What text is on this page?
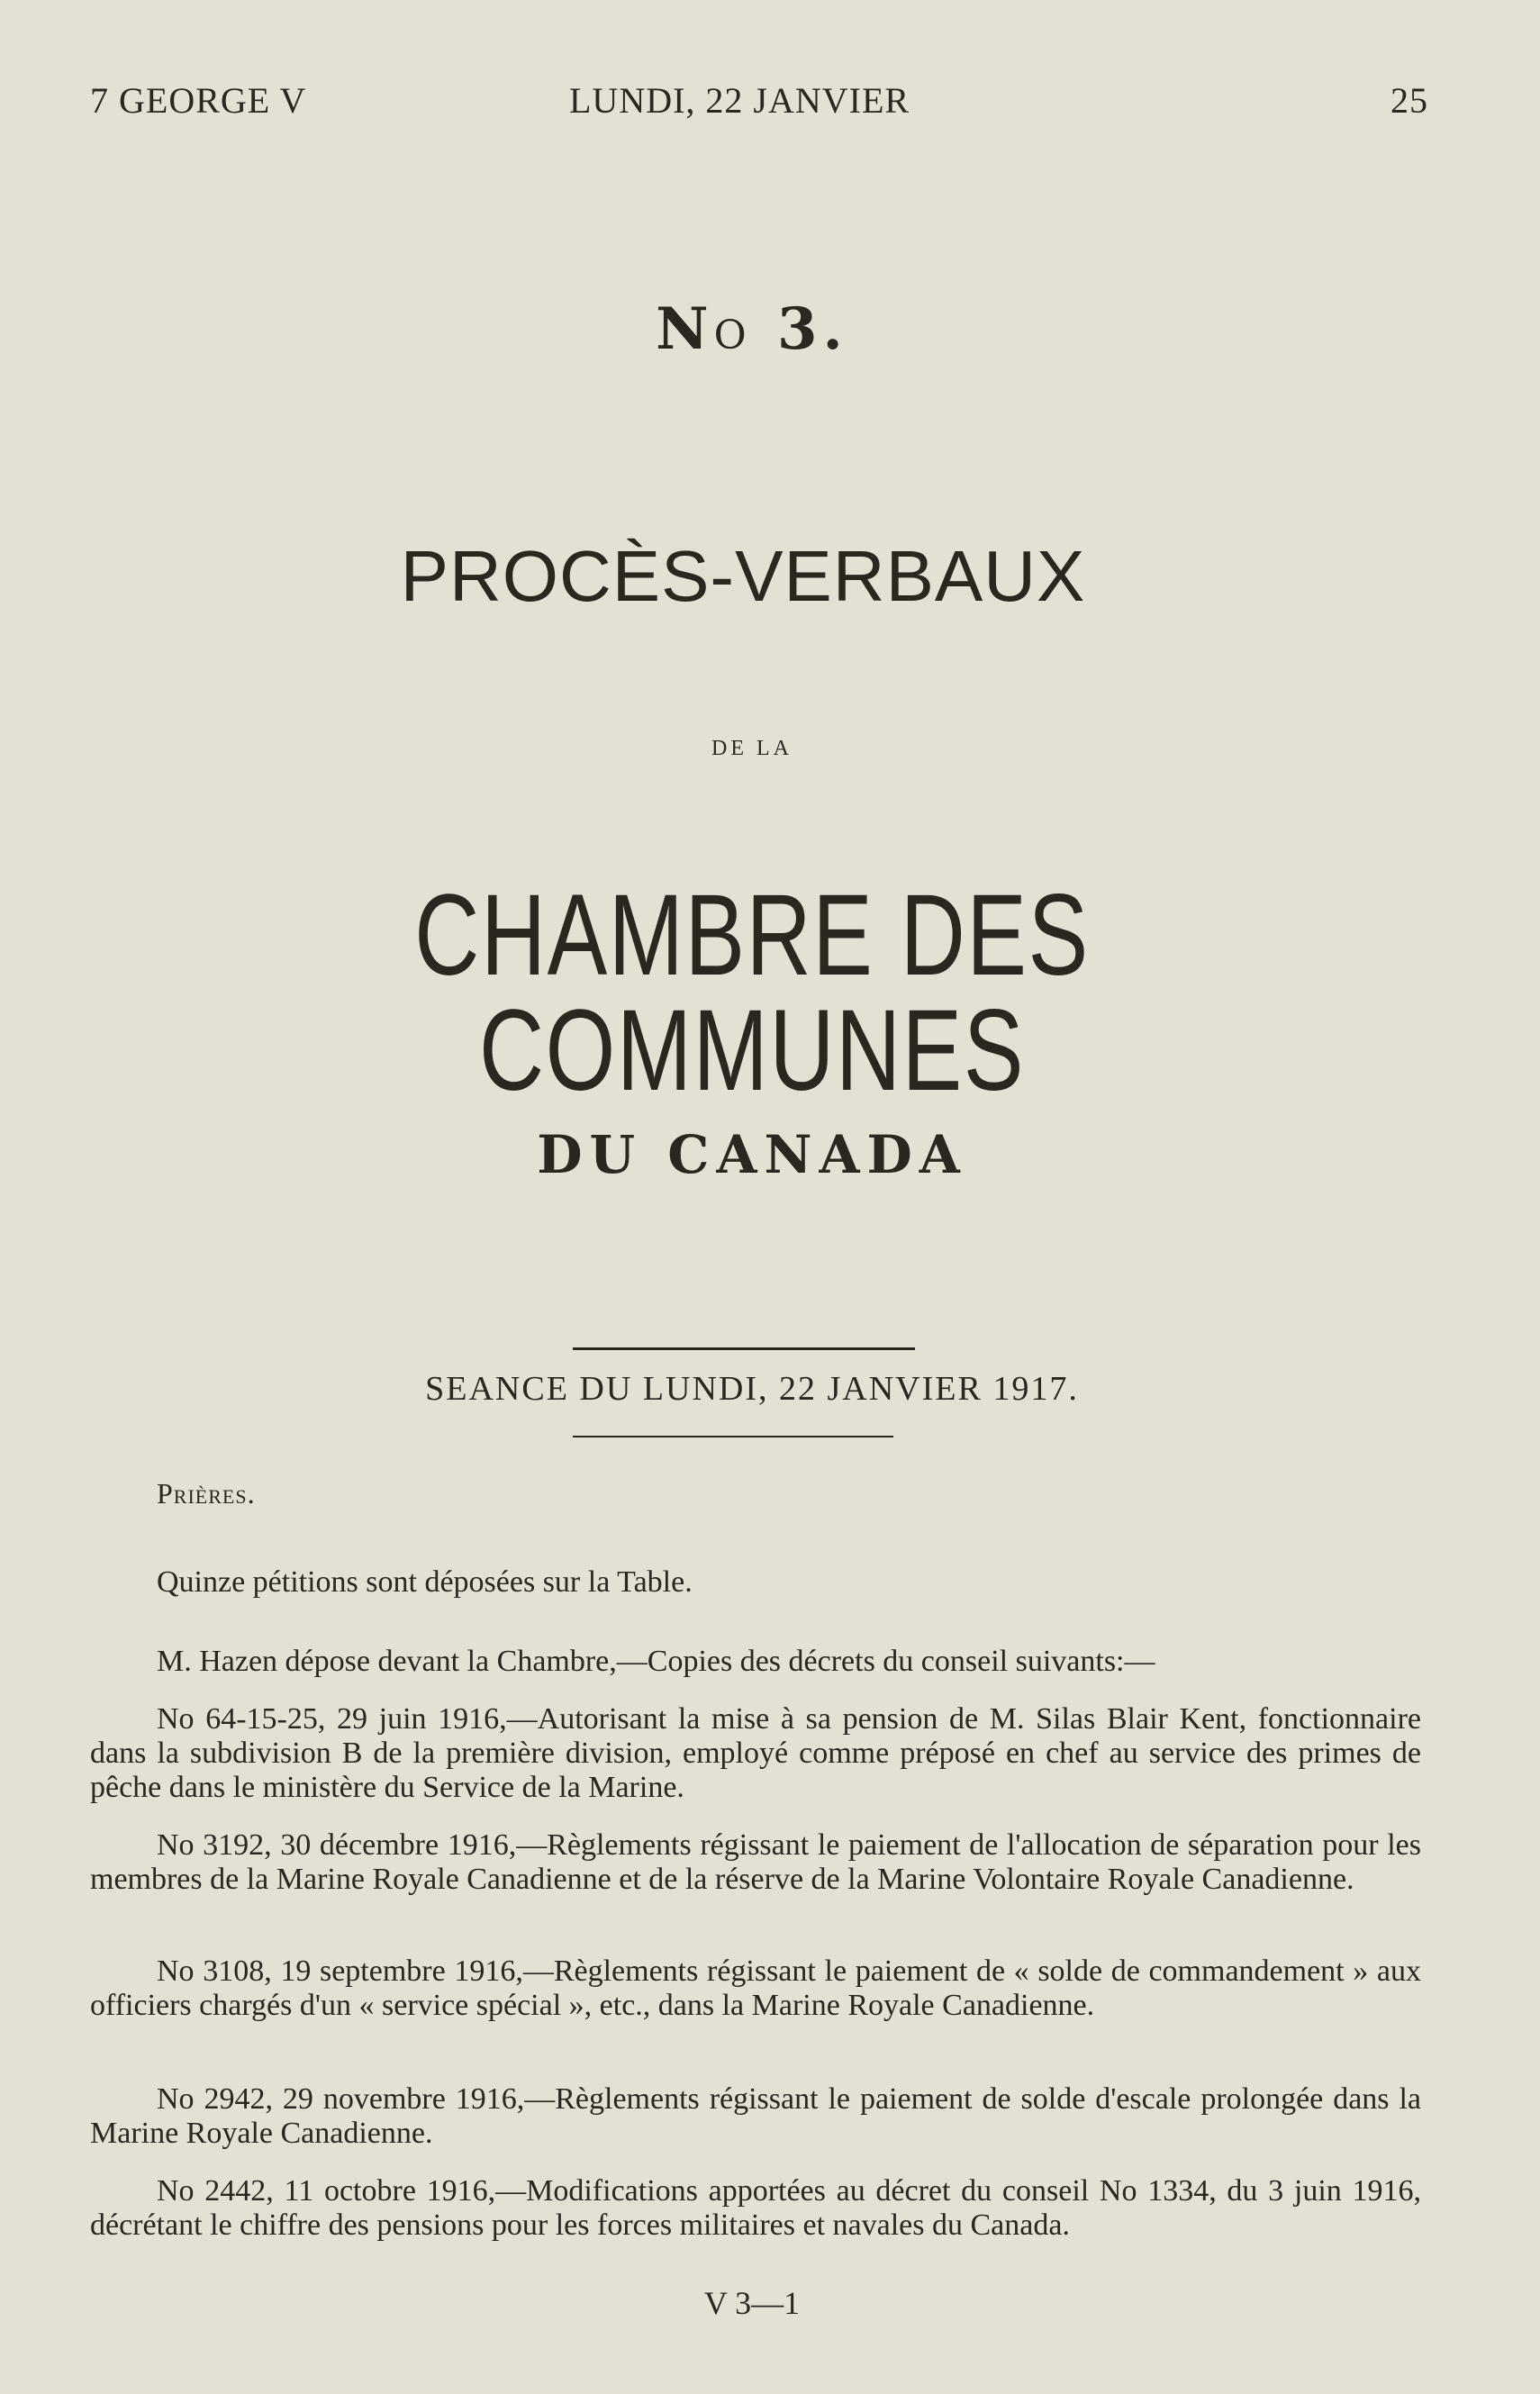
7 GEORGE V	LUNDI, 22 JANVIER	25
NO 3.
PROCÈS-VERBAUX
DE LA
CHAMBRE DES COMMUNES
DU CANADA
SEANCE DU LUNDI, 22 JANVIER 1917.
Prières.
Quinze pétitions sont déposées sur la Table.
M. Hazen dépose devant la Chambre,—Copies des décrets du conseil suivants:—
No 64-15-25, 29 juin 1916,—Autorisant la mise à sa pension de M. Silas Blair Kent, fonctionnaire dans la subdivision B de la première division, employé comme préposé en chef au service des primes de pêche dans le ministère du Service de la Marine.
No 3192, 30 décembre 1916,—Règlements régissant le paiement de l'allocation de séparation pour les membres de la Marine Royale Canadienne et de la réserve de la Marine Volontaire Royale Canadienne.
No 3108, 19 septembre 1916,—Règlements régissant le paiement de « solde de commandement » aux officiers chargés d'un « service spécial », etc., dans la Marine Royale Canadienne.
No 2942, 29 novembre 1916,—Règlements régissant le paiement de solde d'escale prolongée dans la Marine Royale Canadienne.
No 2442, 11 octobre 1916,—Modifications apportées au décret du conseil No 1334, du 3 juin 1916, décrétant le chiffre des pensions pour les forces militaires et navales du Canada.
V 3—1
